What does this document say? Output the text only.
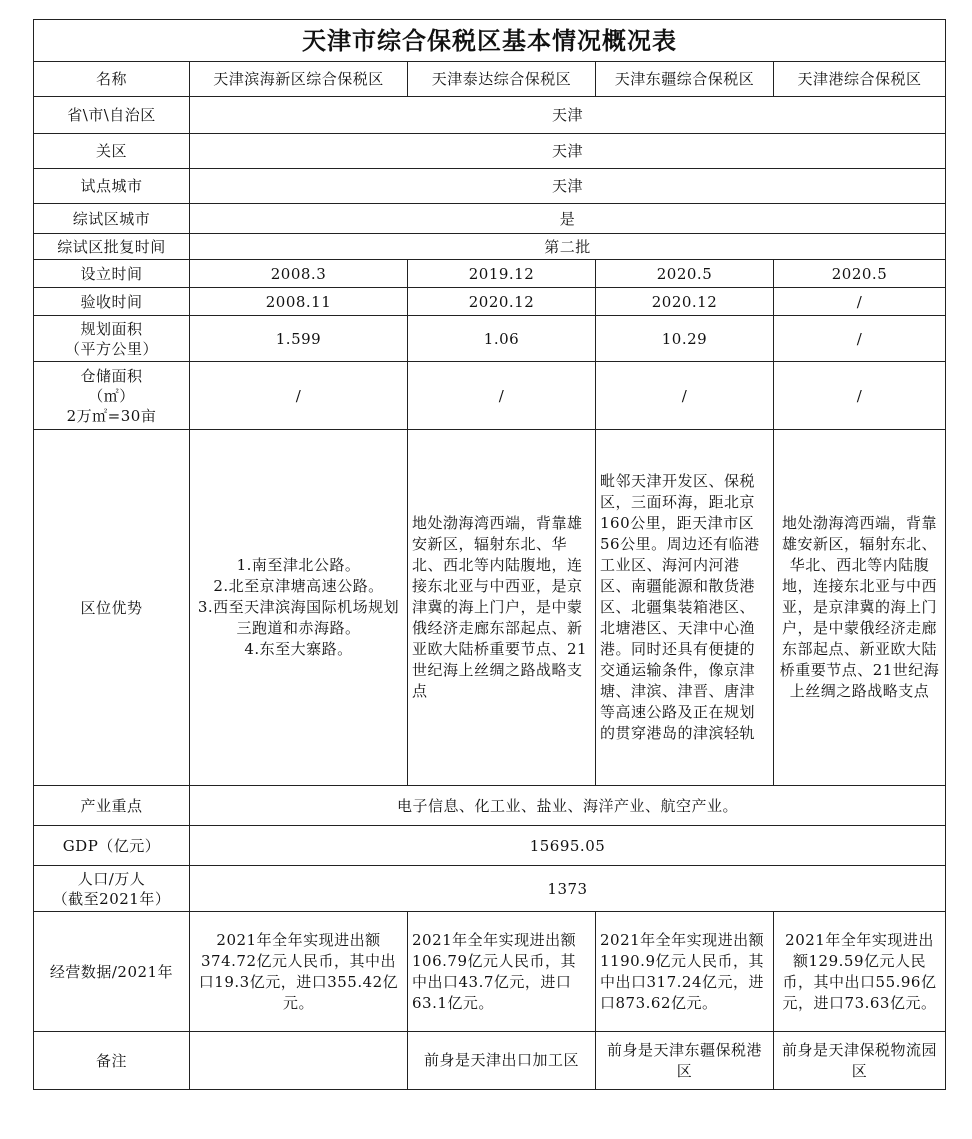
天津市综合保税区基本情况概况表				
名称	天津滨海新区综合保税区	天津泰达综合保税区	天津东疆综合保税区	天津港综合保税区
省\市\自治区	天津			
关区	天津			
试点城市	天津			
综试区城市	是			
综试区批复时间	第二批			
设立时间	2008.3	2019.12	2020.5	2020.5
验收时间	2008.11	2020.12	2020.12	/

规划面积
（平方公里）	1.599	1.06	10.29	/

仓储面积
（㎡）
2万㎡=30亩	/	/	/	/
区位优势	1.南至津北公路。
2.北至京津塘高速公路。
3.西至天津滨海国际机场规划三跑道和赤海路。
4.东至大寨路。	地处渤海湾西端，背靠雄安新区，辐射东北、华北、西北等内陆腹地，连接东北亚与中西亚，是京津冀的海上门户，是中蒙俄经济走廊东部起点、新亚欧大陆桥重要节点、21世纪海上丝绸之路战略支点	毗邻天津开发区、保税区，三面环海，距北京160公里，距天津市区56公里。周边还有临港工业区、海河内河港区、南疆能源和散货港区、北疆集装箱港区、北塘港区、天津中心渔港。同时还具有便捷的交通运输条件，像京津塘、津滨、津晋、唐津等高速公路及正在规划的贯穿港岛的津滨轻轨	地处渤海湾西端，背靠雄安新区，辐射东北、华北、西北等内陆腹地，连接东北亚与中西亚，是京津冀的海上门户，是中蒙俄经济走廊东部起点、新亚欧大陆桥重要节点、21世纪海上丝绸之路战略支点
产业重点	电子信息、化工业、盐业、海洋产业、航空产业。			
GDP（亿元）	15695.05			

人口/万人
（截至2021年）	1373			
经营数据/2021年	2021年全年实现进出额374.72亿元人民币，其中出口19.3亿元，进口355.42亿元。	2021年全年实现进出额106.79亿元人民币，其中出口43.7亿元，进口63.1亿元。	2021年全年实现进出额1190.9亿元人民币，其中出口317.24亿元，进口873.62亿元。	2021年全年实现进出额129.59亿元人民币，其中出口55.96亿元，进口73.63亿元。
备注		前身是天津出口加工区	前身是天津东疆保税港区	前身是天津保税物流园区
